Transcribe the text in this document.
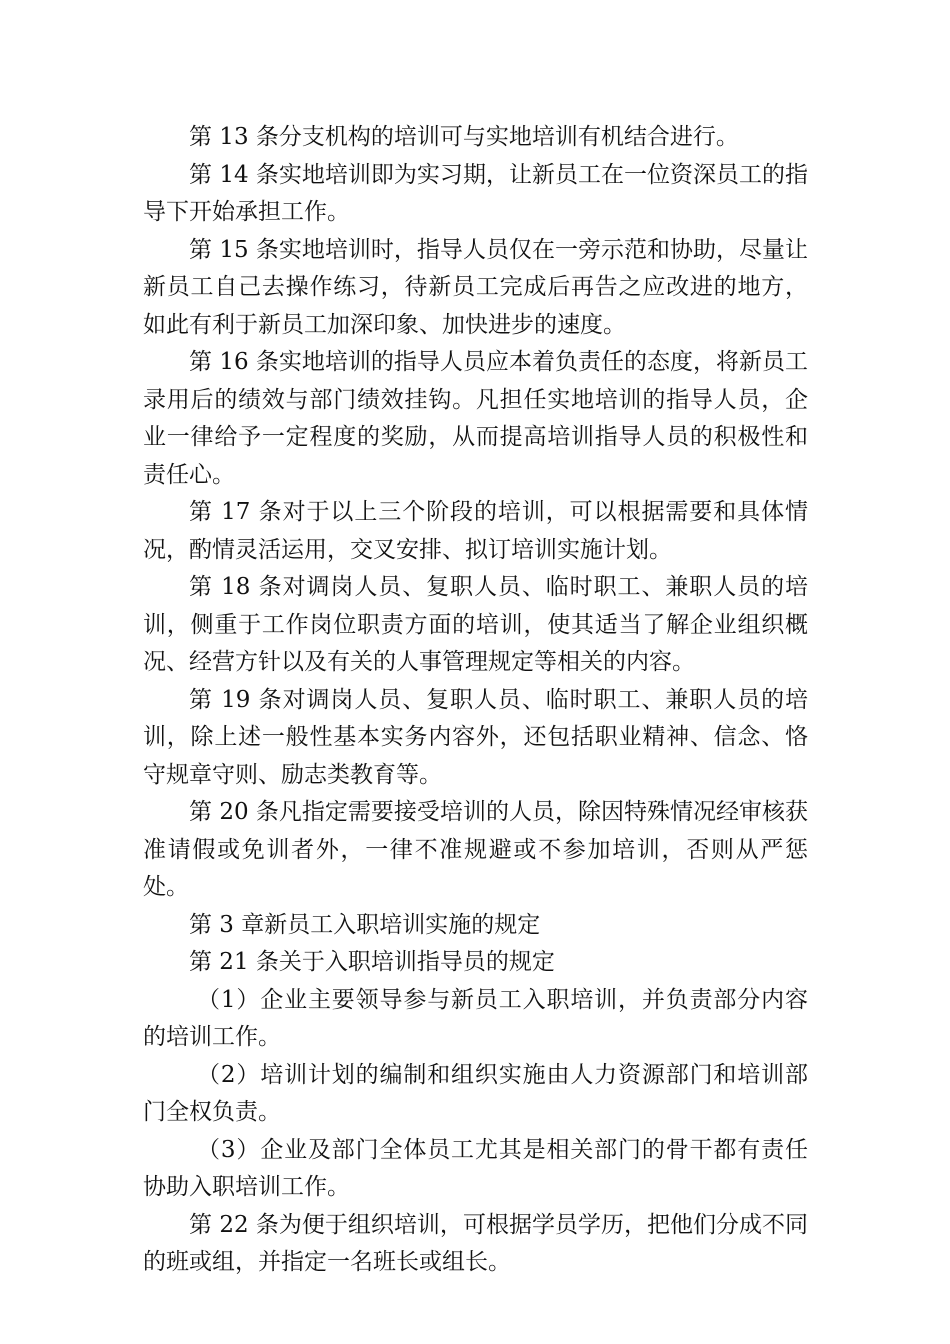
第 13 条分支机构的培训可与实地培训有机结合进行。

第 14 条实地培训即为实习期，让新员工在一位资深员工的指导下开始承担工作。

第 15 条实地培训时，指导人员仅在一旁示范和协助，尽量让新员工自己去操作练习，待新员工完成后再告之应改进的地方，如此有利于新员工加深印象、加快进步的速度。

第 16 条实地培训的指导人员应本着负责任的态度，将新员工录用后的绩效与部门绩效挂钩。凡担任实地培训的指导人员，企业一律给予一定程度的奖励，从而提高培训指导人员的积极性和责任心。

第 17 条对于以上三个阶段的培训，可以根据需要和具体情况，酌情灵活运用，交叉安排、拟订培训实施计划。

第 18 条对调岗人员、复职人员、临时职工、兼职人员的培训，侧重于工作岗位职责方面的培训，使其适当了解企业组织概况、经营方针以及有关的人事管理规定等相关的内容。

第 19 条对调岗人员、复职人员、临时职工、兼职人员的培训，除上述一般性基本实务内容外，还包括职业精神、信念、恪守规章守则、励志类教育等。

第 20 条凡指定需要接受培训的人员，除因特殊情况经审核获准请假或免训者外，一律不准规避或不参加培训，否则从严惩处。

第 3 章新员工入职培训实施的规定

第 21 条关于入职培训指导员的规定

（1）企业主要领导参与新员工入职培训，并负责部分内容的培训工作。

（2）培训计划的编制和组织实施由人力资源部门和培训部门全权负责。

（3）企业及部门全体员工尤其是相关部门的骨干都有责任协助入职培训工作。

第 22 条为便于组织培训，可根据学员学历，把他们分成不同的班或组，并指定一名班长或组长。
